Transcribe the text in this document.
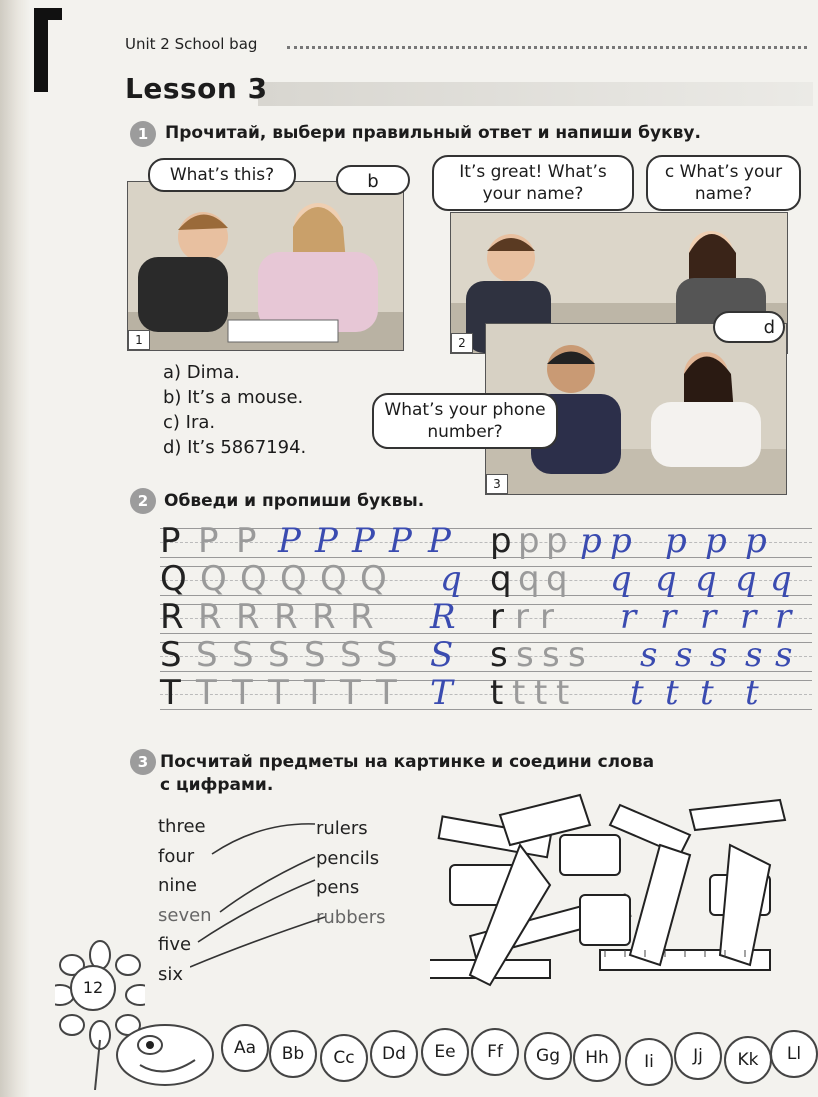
Unit 2 School bag
Lesson 3
1 Прочитай, выбери правильный ответ и напиши букву.
1
What’s this?	b
2
It’s great! What’s your name?
c What’s your name?
3
d
What’s your phone number?
a) Dima.
b) It’s a mouse.
c) Ira.
d) It’s 5867194.
2 Обведи и пропиши буквы.
P P P P P P P P p p p p p p p p
Q Q Q Q Q Q q q q q q q q q q
R R R R R R R r r r r r r r r
S S S S S S S S s s s s s s s s s
T T T T T T T T t t t t t t t t
3 Посчитай предметы на картинке и соедини слова
с цифрами.
three
four
nine
seven
five
six
rulers
pencils
pens
rubbers
12
Aa	Bb	Cc	Dd	Ee	Ff	Gg	Hh	Ii	Jj	Kk	Ll
